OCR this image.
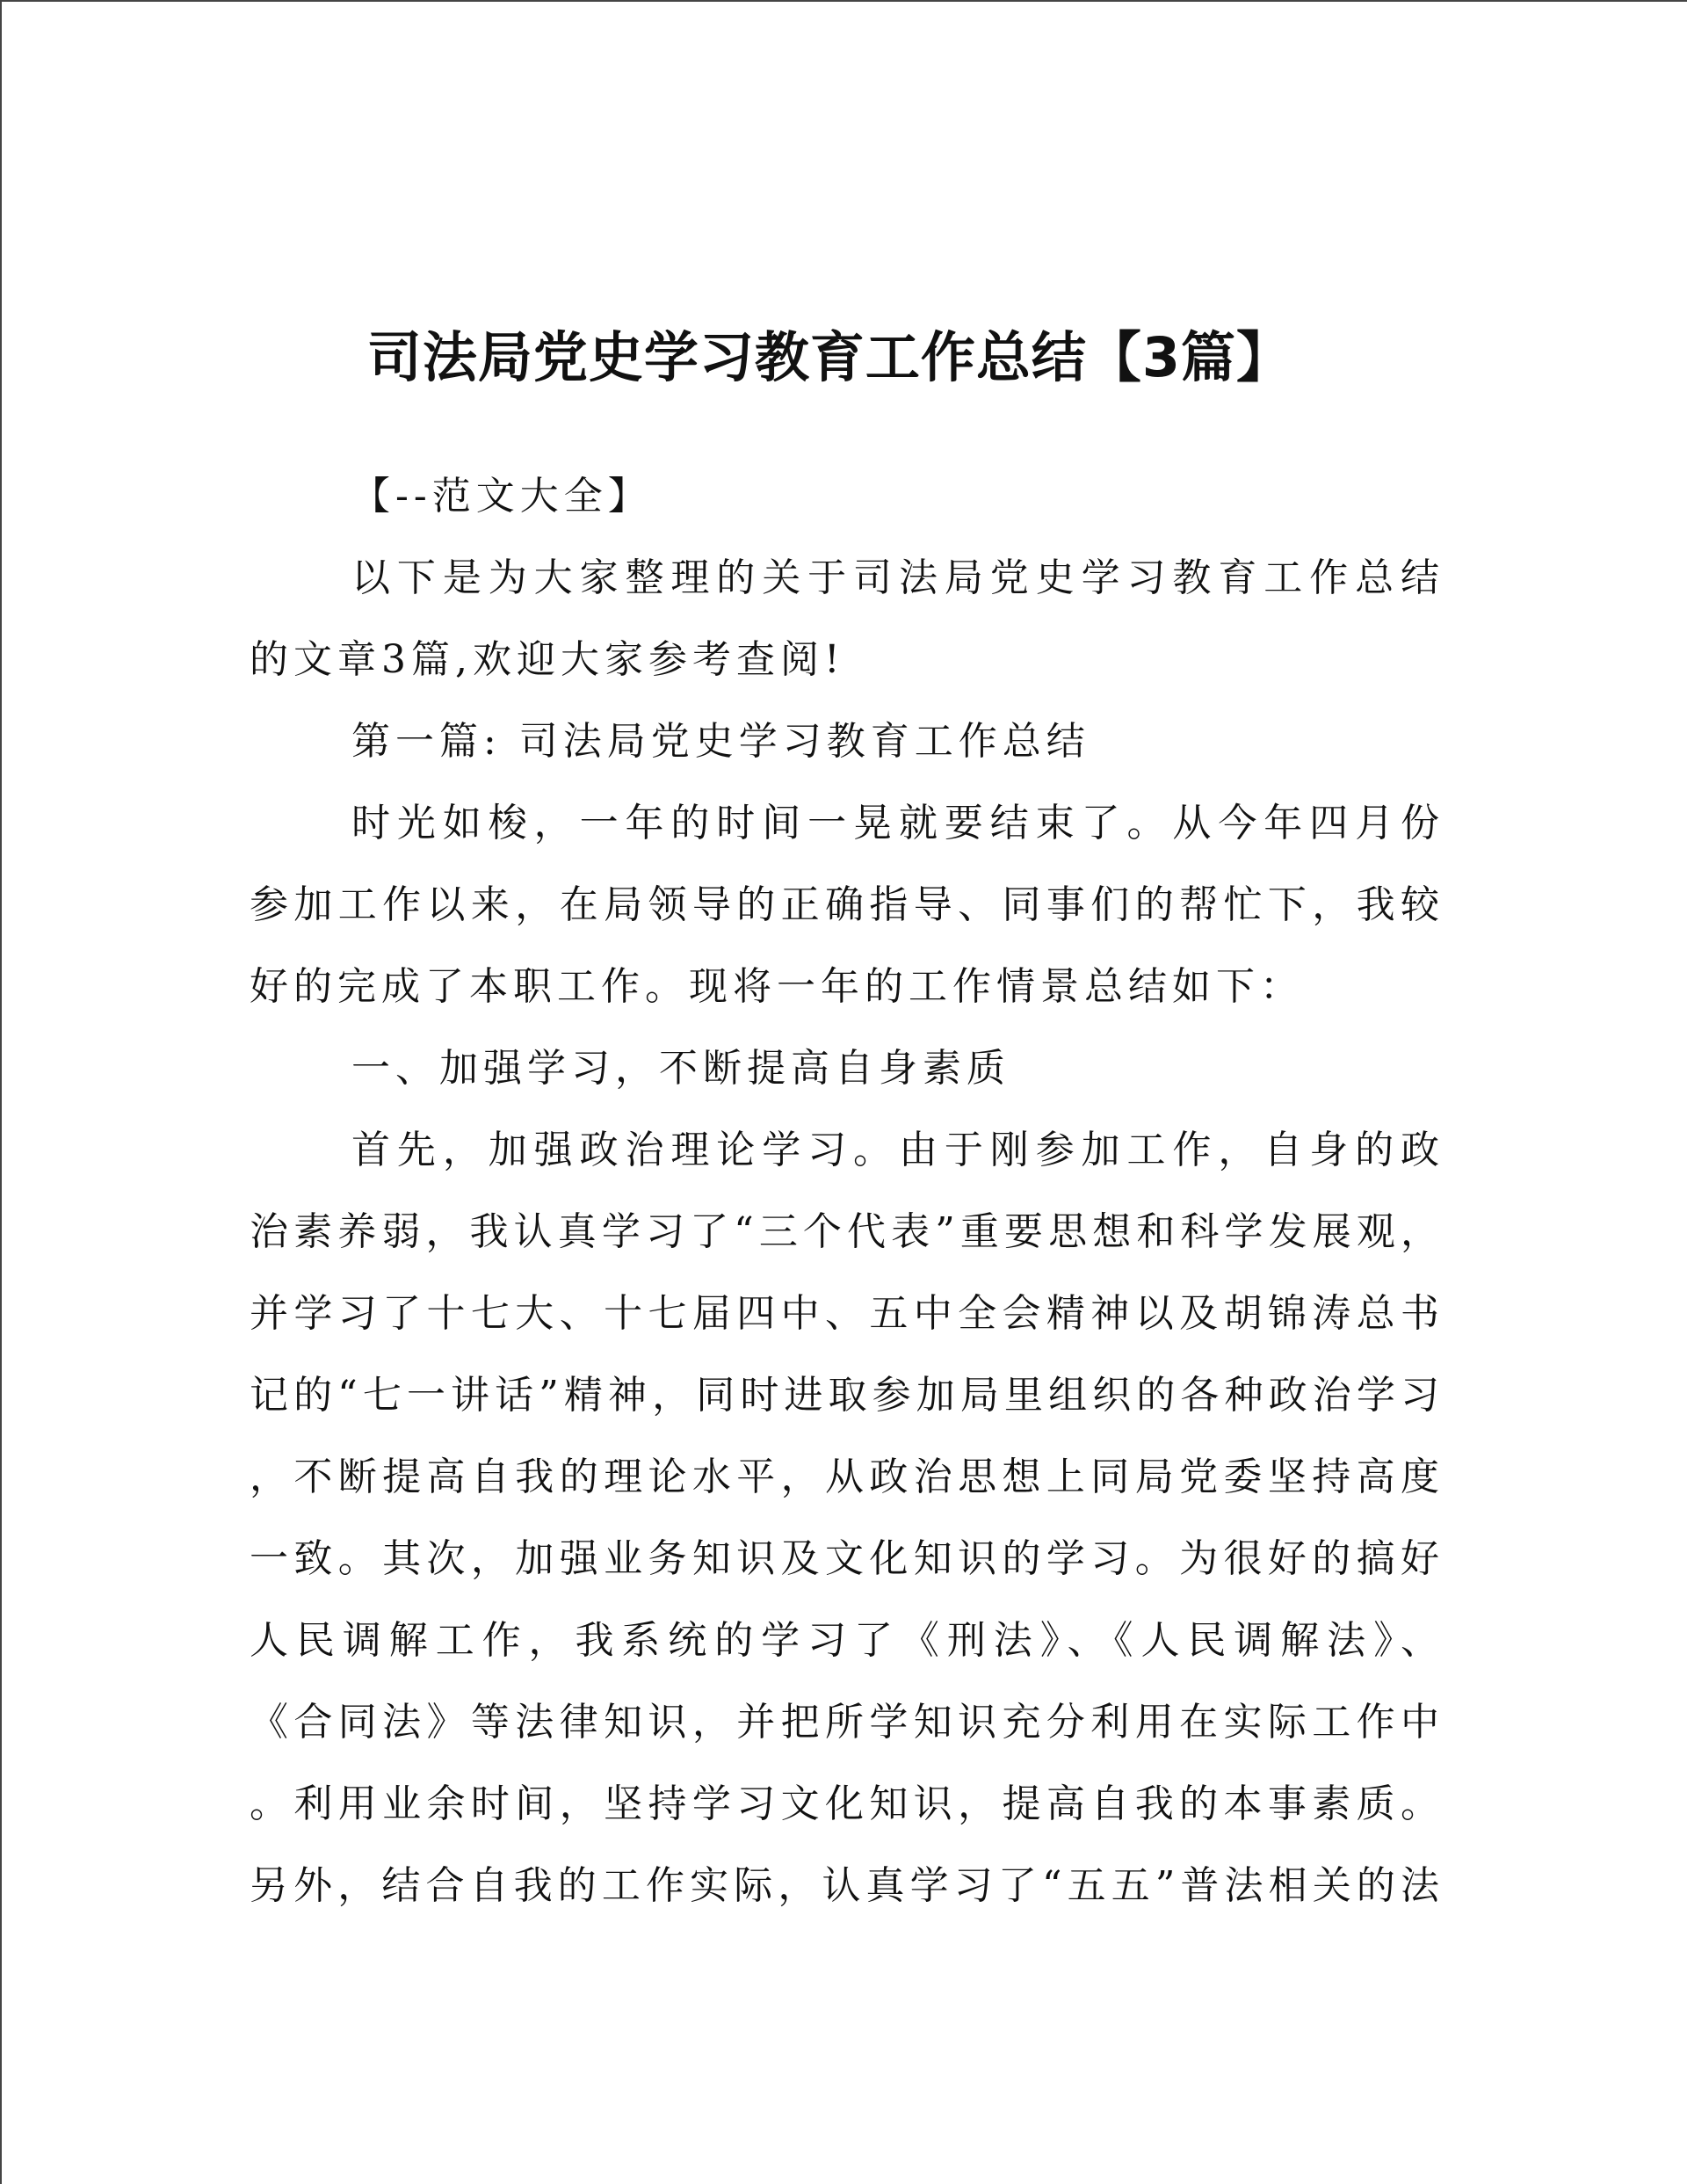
司法局党史学习教育工作总结【3篇】
【--范文大全】
以下是为大家整理的关于司法局党史学习教育工作总结
的文章3篇,欢迎大家参考查阅!
第一篇: 司法局党史学习教育工作总结
时光如梭，一年的时间一晃就要结束了。从今年四月份
参加工作以来，在局领导的正确指导、同事们的帮忙下，我较
好的完成了本职工作。现将一年的工作情景总结如下：
一、加强学习，不断提高自身素质
首先，加强政治理论学习。由于刚参加工作，自身的政
治素养弱，我认真学习了“三个代表”重要思想和科学发展观，
并学习了十七大、十七届四中、五中全会精神以及胡锦涛总书
记的“七一讲话”精神，同时进取参加局里组织的各种政治学习
，不断提高自我的理论水平，从政治思想上同局党委坚持高度
一致。其次，加强业务知识及文化知识的学习。为很好的搞好
人民调解工作，我系统的学习了《刑法》、《人民调解法》、
《合同法》等法律知识，并把所学知识充分利用在实际工作中
。利用业余时间，坚持学习文化知识，提高自我的本事素质。
另外，结合自我的工作实际，认真学习了“五五”普法相关的法
